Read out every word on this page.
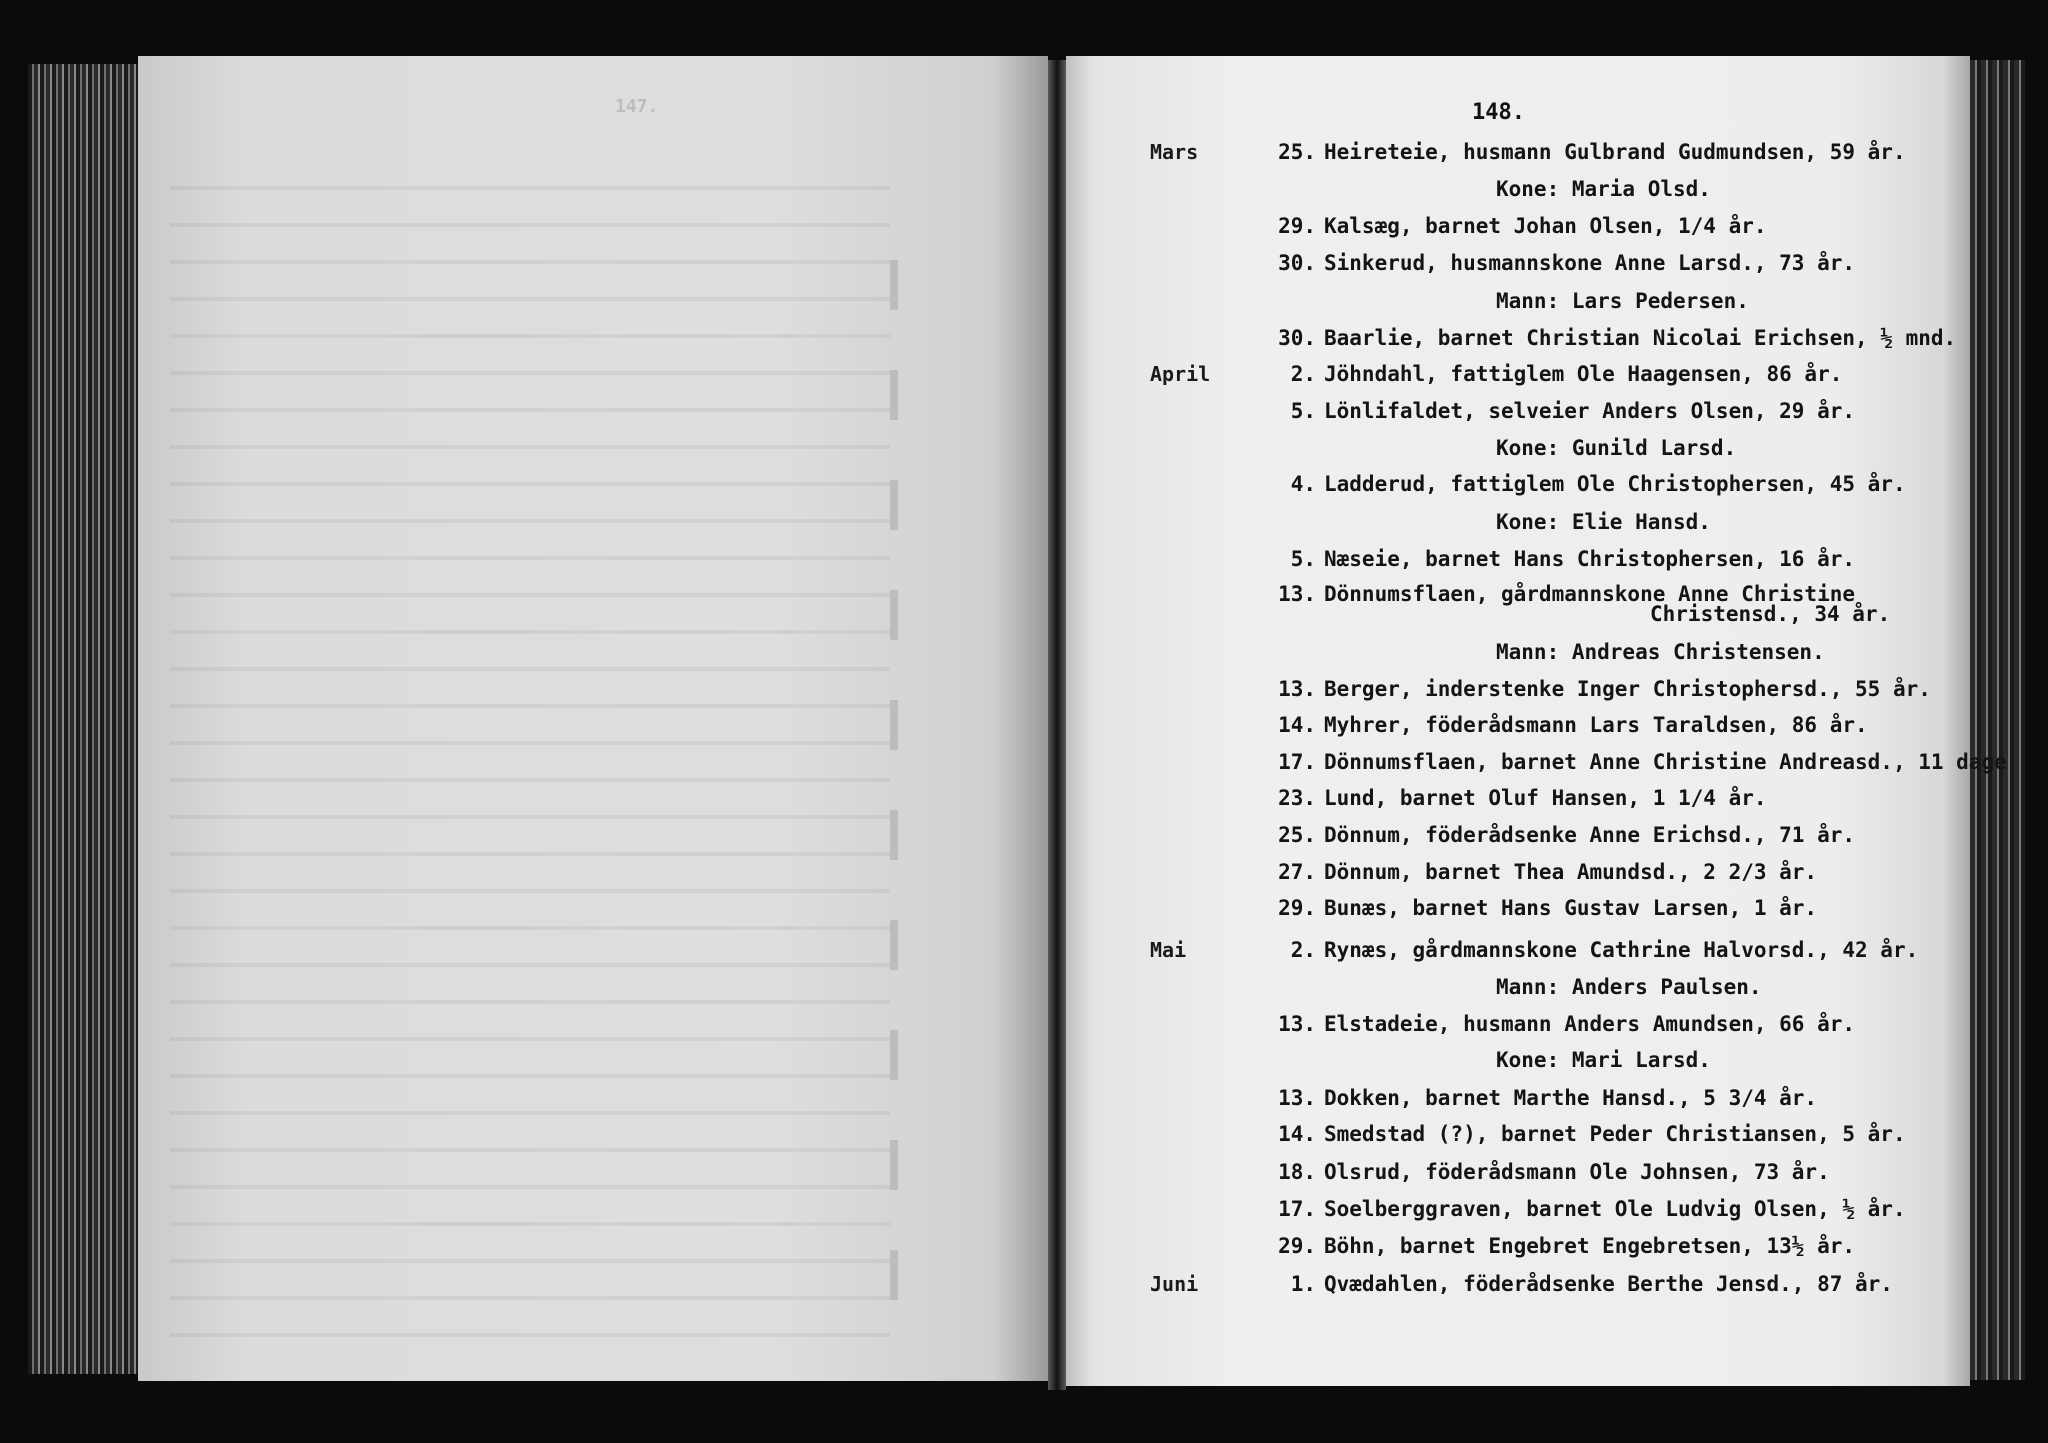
147.	148.
Mars
April
Mai
Juni
25. Heireteie, husmann Gulbrand Gudmundsen, 59 år.
Kone: Maria Olsd.
29. Kalsæg, barnet Johan Olsen, 1/4 år.
30. Sinkerud, husmannskone Anne Larsd., 73 år.
Mann: Lars Pedersen.
30. Baarlie, barnet Christian Nicolai Erichsen, ½ mnd.
2. Jöhndahl, fattiglem Ole Haagensen, 86 år.
5. Lönlifaldet, selveier Anders Olsen, 29 år.
Kone: Gunild Larsd.
4. Ladderud, fattiglem Ole Christophersen, 45 år.
Kone: Elie Hansd.
5. Næseie, barnet Hans Christophersen, 16 år.
13. Dönnumsflaen, gårdmannskone Anne Christine
Christensd., 34 år.
Mann: Andreas Christensen.
13. Berger, inderstenke Inger Christophersd., 55 år.
14. Myhrer, föderådsmann Lars Taraldsen, 86 år.
17. Dönnumsflaen, barnet Anne Christine Andreasd., 11 dage
23. Lund, barnet Oluf Hansen, 1 1/4 år.
25. Dönnum, föderådsenke Anne Erichsd., 71 år.
27. Dönnum, barnet Thea Amundsd., 2 2/3 år.
29. Bunæs, barnet Hans Gustav Larsen, 1 år.
2. Rynæs, gårdmannskone Cathrine Halvorsd., 42 år.
Mann: Anders Paulsen.
13. Elstadeie, husmann Anders Amundsen, 66 år.
Kone: Mari Larsd.
13. Dokken, barnet Marthe Hansd., 5 3/4 år.
14. Smedstad (?), barnet Peder Christiansen, 5 år.
18. Olsrud, föderådsmann Ole Johnsen, 73 år.
17. Soelberggraven, barnet Ole Ludvig Olsen, ½ år.
29. Böhn, barnet Engebret Engebretsen, 13½ år.
1. Qvædahlen, föderådsenke Berthe Jensd., 87 år.
